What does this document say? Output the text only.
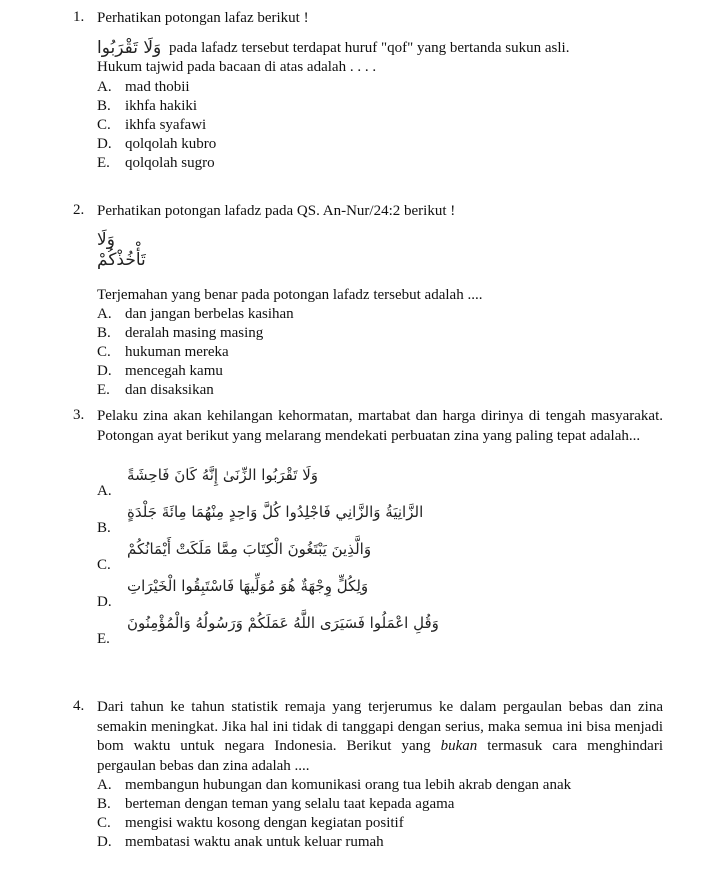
1. Perhatikan potongan lafaz berikut !
وَلَا تَقْرَبُوا pada lafadz tersebut terdapat huruf "qof" yang bertanda sukun asli.
Hukum tajwid pada bacaan di atas adalah . . . .
A. mad thobii
B. ikhfa hakiki
C. ikhfa syafawi
D. qolqolah kubro
E. qolqolah sugro
2. Perhatikan potongan lafadz pada QS. An-Nur/24:2 berikut !
وَلَا تَأْخُذْكُمْ
Terjemahan yang benar pada potongan lafadz tersebut adalah ....
A. dan jangan berbelas kasihan
B. deralah masing masing
C. hukuman mereka
D. mencegah kamu
E. dan disaksikan
3. Pelaku zina akan kehilangan kehormatan, martabat dan harga dirinya di tengah masyarakat. Potongan ayat berikut yang melarang mendekati perbuatan zina yang paling tepat adalah...
A.
وَلَا تَقْرَبُوا الزِّنَىٰ إِنَّهُ كَانَ فَاحِشَةً
B.
الزَّانِيَةُ وَالزَّانِي فَاجْلِدُوا كُلَّ وَاحِدٍ مِنْهُمَا مِائَةَ جَلْدَةٍ
C.
وَالَّذِينَ يَبْتَغُونَ الْكِتَابَ مِمَّا مَلَكَتْ أَيْمَانُكُمْ
D.
وَلِكُلٍّ وِجْهَةٌ هُوَ مُوَلِّيهَا فَاسْتَبِقُوا الْخَيْرَاتِ
E.
وَقُلِ اعْمَلُوا فَسَيَرَى اللَّهُ عَمَلَكُمْ وَرَسُولُهُ وَالْمُؤْمِنُونَ
4. Dari tahun ke tahun statistik remaja yang terjerumus ke dalam pergaulan bebas dan zina semakin meningkat. Jika hal ini tidak di tanggapi dengan serius, maka semua ini bisa menjadi bom waktu untuk negara Indonesia. Berikut yang bukan termasuk cara menghindari pergaulan bebas dan zina adalah ....
A. membangun hubungan dan komunikasi orang tua lebih akrab dengan anak
B. berteman dengan teman yang selalu taat kepada agama
C. mengisi waktu kosong dengan kegiatan positif
D. membatasi waktu anak untuk keluar rumah
